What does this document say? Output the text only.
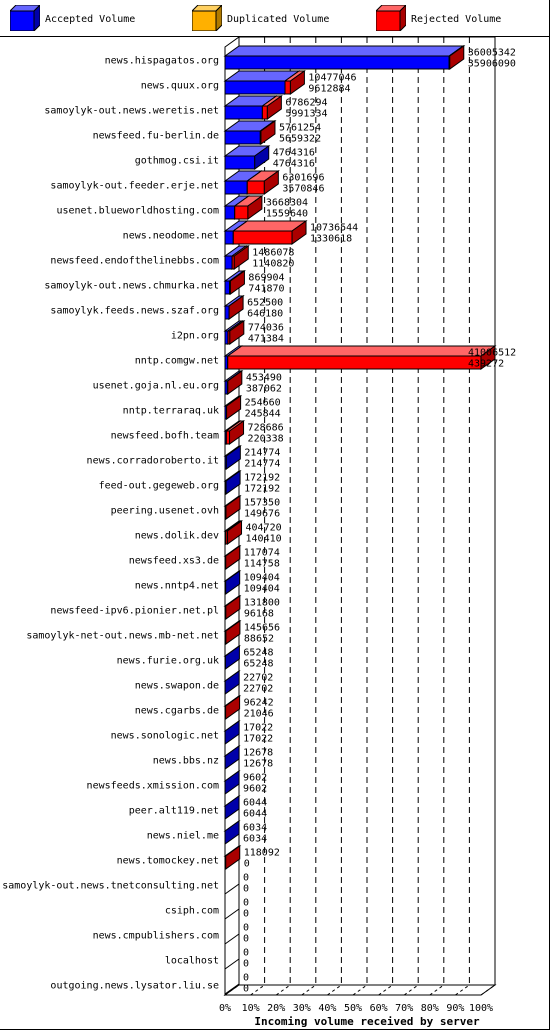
Accepted Volume	Duplicated Volume	Rejected Volume
0% 10% 20% 30% 40% 50% 60% 70% 80% 90% 100%
Incoming volume received by server
news.hispagatos.org
36005342
35906090
news.quux.org
10477046
9612884
samoylyk-out.news.weretis.net
6786294
5991334
newsfeed.fu-berlin.de
5761254
5659322
gothmog.csi.it
4764316
4764316
samoylyk-out.feeder.erje.net
6301696
3570846
usenet.blueworldhosting.com
3668304
1559640
news.neodome.net
10736544
1330618
newsfeed.endofthelinebbs.com
1486078
1140820
samoylyk-out.news.chmurka.net
869904
741870
samoylyk.feeds.news.szaf.org
652500
646180
i2pn.org
774036
471384
nntp.comgw.net
41006512
439272
usenet.goja.nl.eu.org
453490
387062
nntp.terraraq.uk
254660
245844
newsfeed.bofh.team
728686
220338
news.corradoroberto.it
214774
214774
feed-out.gegeweb.org
172192
172192
peering.usenet.ovh
157350
149676
news.dolik.dev
404720
140410
newsfeed.xs3.de
117074
114758
news.nntp4.net
109404
109404
newsfeed-ipv6.pionier.net.pl
131800
96168
samoylyk-net-out.news.mb-net.net
145656
88652
news.furie.org.uk
65248
65248
news.swapon.de
22702
22702
news.cgarbs.de
96242
21046
news.sonologic.net
17022
17022
news.bbs.nz
12678
12678
newsfeeds.xmission.com
9602
9602
peer.alt119.net
6044
6044
news.niel.me
6034
6034
news.tomockey.net
118092
0
samoylyk-out.news.tnetconsulting.net
0
0
csiph.com
0
0
news.cmpublishers.com
0
0
localhost
0
0
outgoing.news.lysator.liu.se
0
0
